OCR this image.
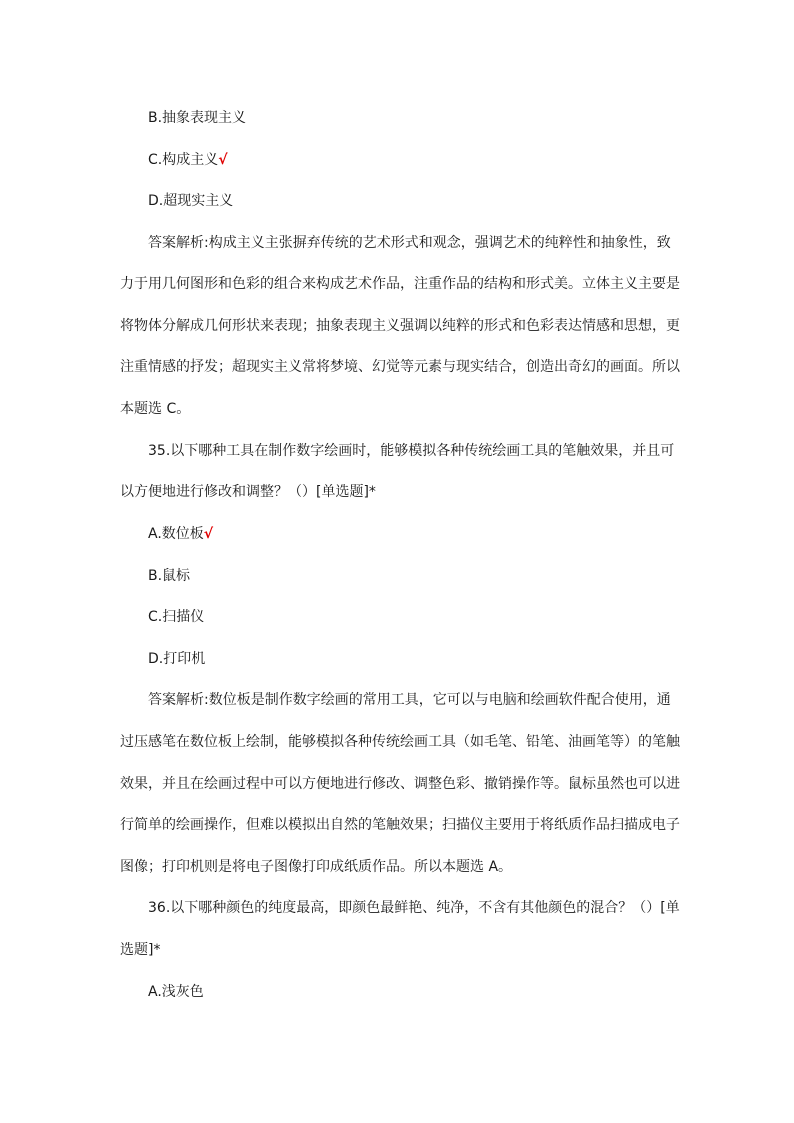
B.抽象表现主义
C.构成主义√
D.超现实主义
答案解析:构成主义主张摒弃传统的艺术形式和观念，强调艺术的纯粹性和抽象性，致
力于用几何图形和色彩的组合来构成艺术作品，注重作品的结构和形式美。立体主义主要是
将物体分解成几何形状来表现；抽象表现主义强调以纯粹的形式和色彩表达情感和思想，更
注重情感的抒发；超现实主义常将梦境、幻觉等元素与现实结合，创造出奇幻的画面。所以
本题选 C。
35.以下哪种工具在制作数字绘画时，能够模拟各种传统绘画工具的笔触效果，并且可
以方便地进行修改和调整？（）[单选题]*
A.数位板√
B.鼠标
C.扫描仪
D.打印机
答案解析:数位板是制作数字绘画的常用工具，它可以与电脑和绘画软件配合使用，通
过压感笔在数位板上绘制，能够模拟各种传统绘画工具（如毛笔、铅笔、油画笔等）的笔触
效果，并且在绘画过程中可以方便地进行修改、调整色彩、撤销操作等。鼠标虽然也可以进
行简单的绘画操作，但难以模拟出自然的笔触效果；扫描仪主要用于将纸质作品扫描成电子
图像；打印机则是将电子图像打印成纸质作品。所以本题选 A。
36.以下哪种颜色的纯度最高，即颜色最鲜艳、纯净，不含有其他颜色的混合？（）[单
选题]*
A.浅灰色
